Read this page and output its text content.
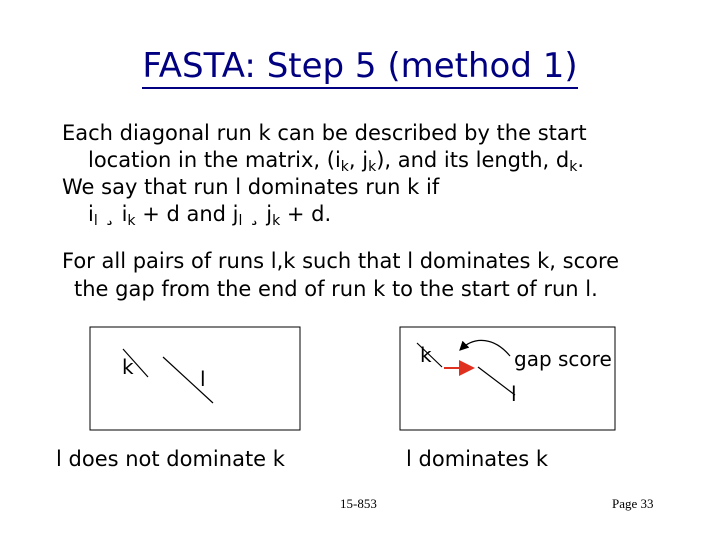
FASTA: Step 5 (method 1)
Each diagonal run k can be described by the start
location in the matrix, ($i_k$, $j_k$), and its length, $d_k$.
We say that run l dominates run k if
$i_l$ ¸ $i_k + d$ and $j_l$ ¸ $j_k + d$.
For all pairs of runs l,k such that l dominates k, score
the gap from the end of run k to the start of run l.
k	l
l does not dominate k
k
l
gap score
l dominates k
15-853	Page 33
